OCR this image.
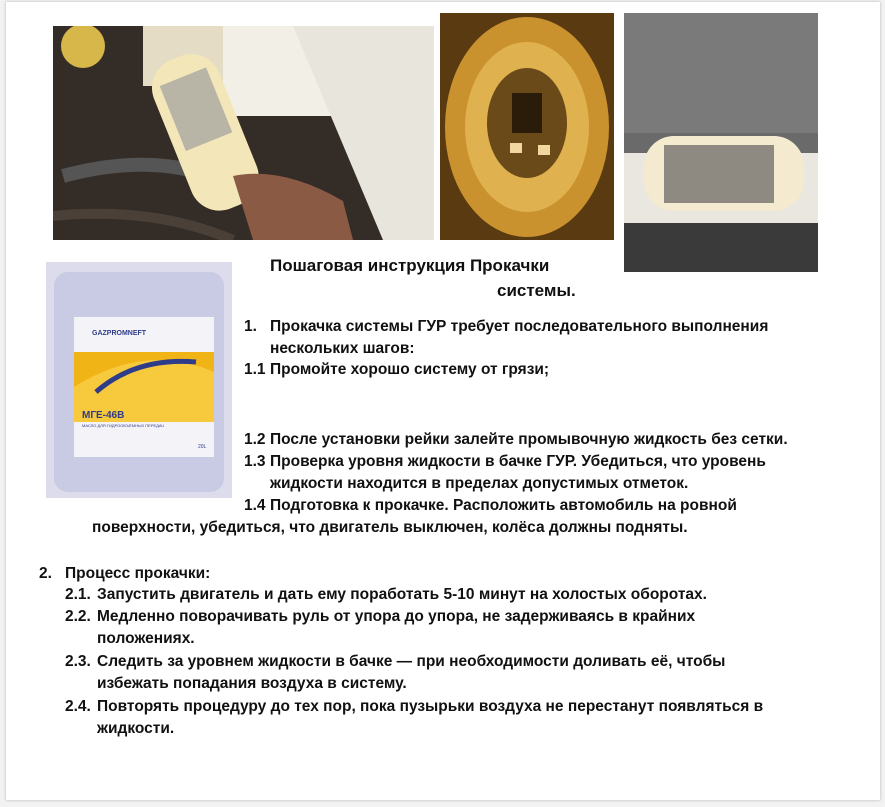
GAZPROMNEFT
МГЕ-46В
МАСЛО ДЛЯ ГИДРООБЪЁМНЫХ ПЕРЕДАЧ
20L
Пошаговая инструкция Прокачки
системы.
1. Прокачка системы ГУР требует последовательного выполнения
нескольких шагов:
1.1 Промойте хорошо систему от грязи;
1.2 После установки рейки залейте промывочную жидкость без сетки.
1.3 Проверка уровня жидкости в бачке ГУР. Убедиться, что уровень
жидкости находится в пределах допустимых отметок.
1.4 Подготовка к прокачке. Расположить автомобиль на ровной
поверхности, убедиться, что двигатель выключен, колёса должны подняты.
2. Процесс прокачки:
2.1. Запустить двигатель и дать ему поработать 5-10 минут на холостых оборотах.
2.2. Медленно поворачивать руль от упора до упора, не задерживаясь в крайних
положениях.
2.3. Следить за уровнем жидкости в бачке — при необходимости доливать её, чтобы
избежать попадания воздуха в систему.
2.4. Повторять процедуру до тех пор, пока пузырьки воздуха не перестанут появляться в
жидкости.
